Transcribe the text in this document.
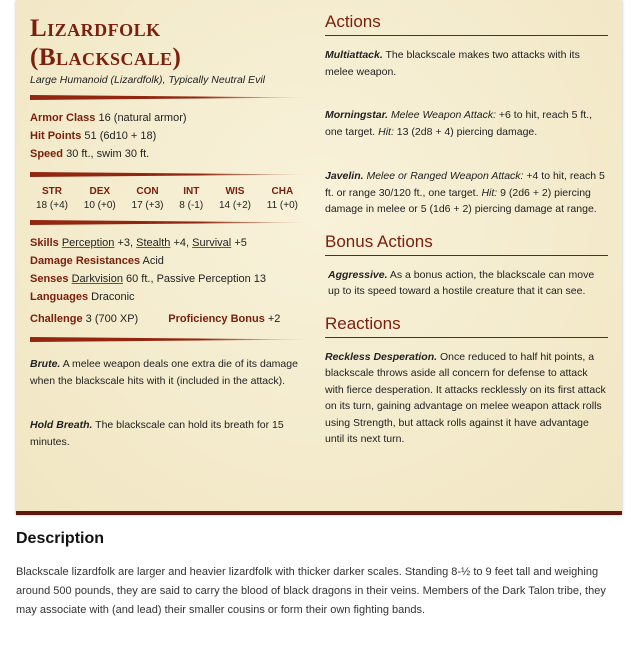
Lizardfolk
(Blackscale)
Large Humanoid (Lizardfolk), Typically Neutral Evil
Armor Class 16 (natural armor)
Hit Points 51 (6d10 + 18)
Speed 30 ft., swim 30 ft.
STR
18 (+4)
DEX
10 (+0)
CON
17 (+3)
INT
8 (-1)
WIS
14 (+2)
CHA
11 (+0)
Skills Perception +3, Stealth +4, Survival +5
Damage Resistances Acid
Senses Darkvision 60 ft., Passive Perception 13
Languages Draconic
Challenge 3 (700 XP)	Proficiency Bonus +2
Brute. A melee weapon deals one extra die of its damage when the blackscale hits with it (included in the attack).
Hold Breath. The blackscale can hold its breath for 15 minutes.
Actions
Multiattack. The blackscale makes two attacks with its melee weapon.
Morningstar. Melee Weapon Attack: +6 to hit, reach 5 ft., one target. Hit: 13 (2d8 + 4) piercing damage.
Javelin. Melee or Ranged Weapon Attack: +4 to hit, reach 5 ft. or range 30/120 ft., one target. Hit: 9 (2d6 + 2) piercing damage in melee or 5 (1d6 + 2) piercing damage at range.
Bonus Actions
Aggressive. As a bonus action, the blackscale can move up to its speed toward a hostile creature that it can see.
Reactions
Reckless Desperation. Once reduced to half hit points, a blackscale throws aside all concern for defense to attack with fierce desperation. It attacks recklessly on its first attack on its turn, gaining advantage on melee weapon attack rolls using Strength, but attack rolls against it have advantage until its next turn.
Description
Blackscale lizardfolk are larger and heavier lizardfolk with thicker darker scales. Standing 8-½ to 9 feet tall and weighing around 500 pounds, they are said to carry the blood of black dragons in their veins. Members of the Dark Talon tribe, they may associate with (and lead) their smaller cousins or form their own fighting bands.
